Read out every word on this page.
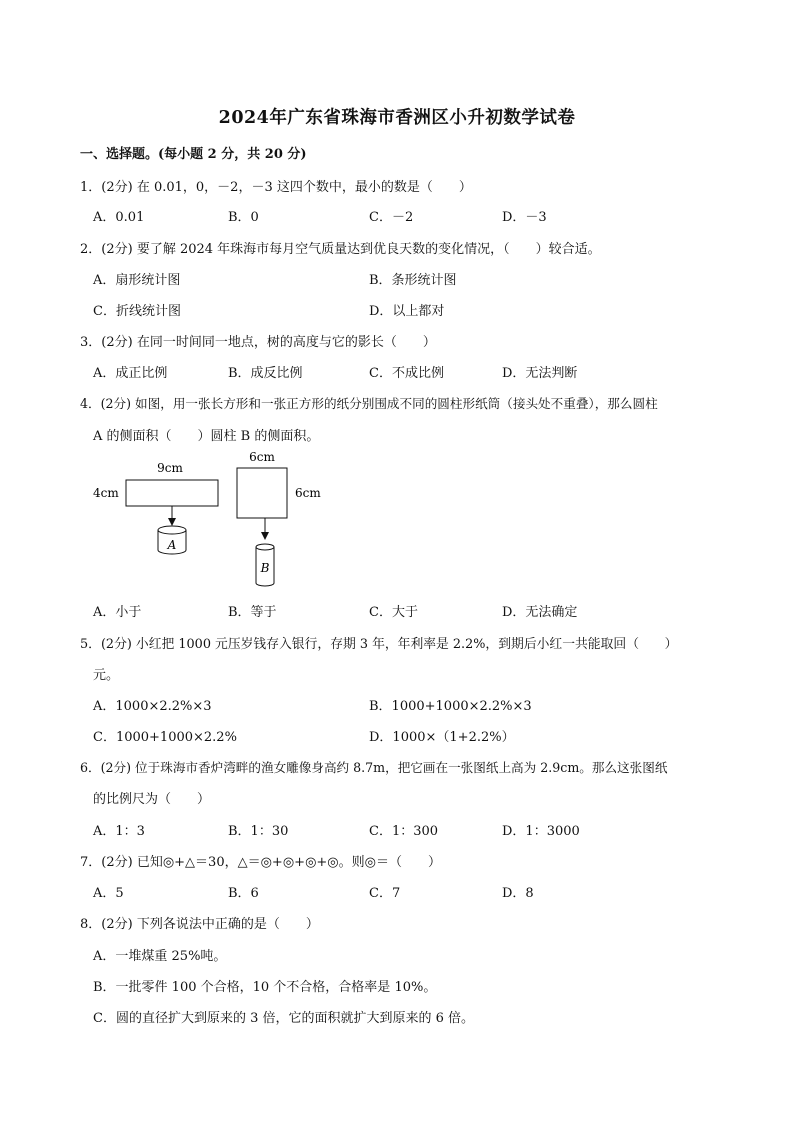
2024年广东省珠海市香洲区小升初数学试卷
一、选择题。(每小题 2 分，共 20 分)
1．(2分) 在 0.01，0，－2，－3 这四个数中，最小的数是（　　）
A．0.01	B．0	C．－2	D．－3
2．(2分) 要了解 2024 年珠海市每月空气质量达到优良天数的变化情况，（　　）较合适。
A．扇形统计图	B．条形统计图
C．折线统计图	D．以上都对
3．(2分) 在同一时间同一地点，树的高度与它的影长（　　）
A．成正比例	B．成反比例	C．不成比例	D．无法判断
4．(2分) 如图，用一张长方形和一张正方形的纸分别围成不同的圆柱形纸筒（接头处不重叠），那么圆柱
A 的侧面积（　　）圆柱 B 的侧面积。
9cm
4cm
A
6cm
6cm
B
A．小于	B．等于	C．大于	D．无法确定
5．(2分) 小红把 1000 元压岁钱存入银行，存期 3 年，年利率是 2.2%，到期后小红一共能取回（　　）
元。
A．1000×2.2%×3	B．1000+1000×2.2%×3
C．1000+1000×2.2%	D．1000×（1+2.2%）
6．(2分) 位于珠海市香炉湾畔的渔女雕像身高约 8.7m，把它画在一张图纸上高为 2.9cm。那么这张图纸
的比例尺为（　　）
A．1：3	B．1：30	C．1：300	D．1：3000
7．(2分) 已知◎+△＝30，△＝◎+◎+◎+◎。则◎＝（　　）
A．5	B．6	C．7	D．8
8．(2分) 下列各说法中正确的是（　　）
A．一堆煤重 25%吨。
B．一批零件 100 个合格，10 个不合格，合格率是 10%。
C．圆的直径扩大到原来的 3 倍，它的面积就扩大到原来的 6 倍。
